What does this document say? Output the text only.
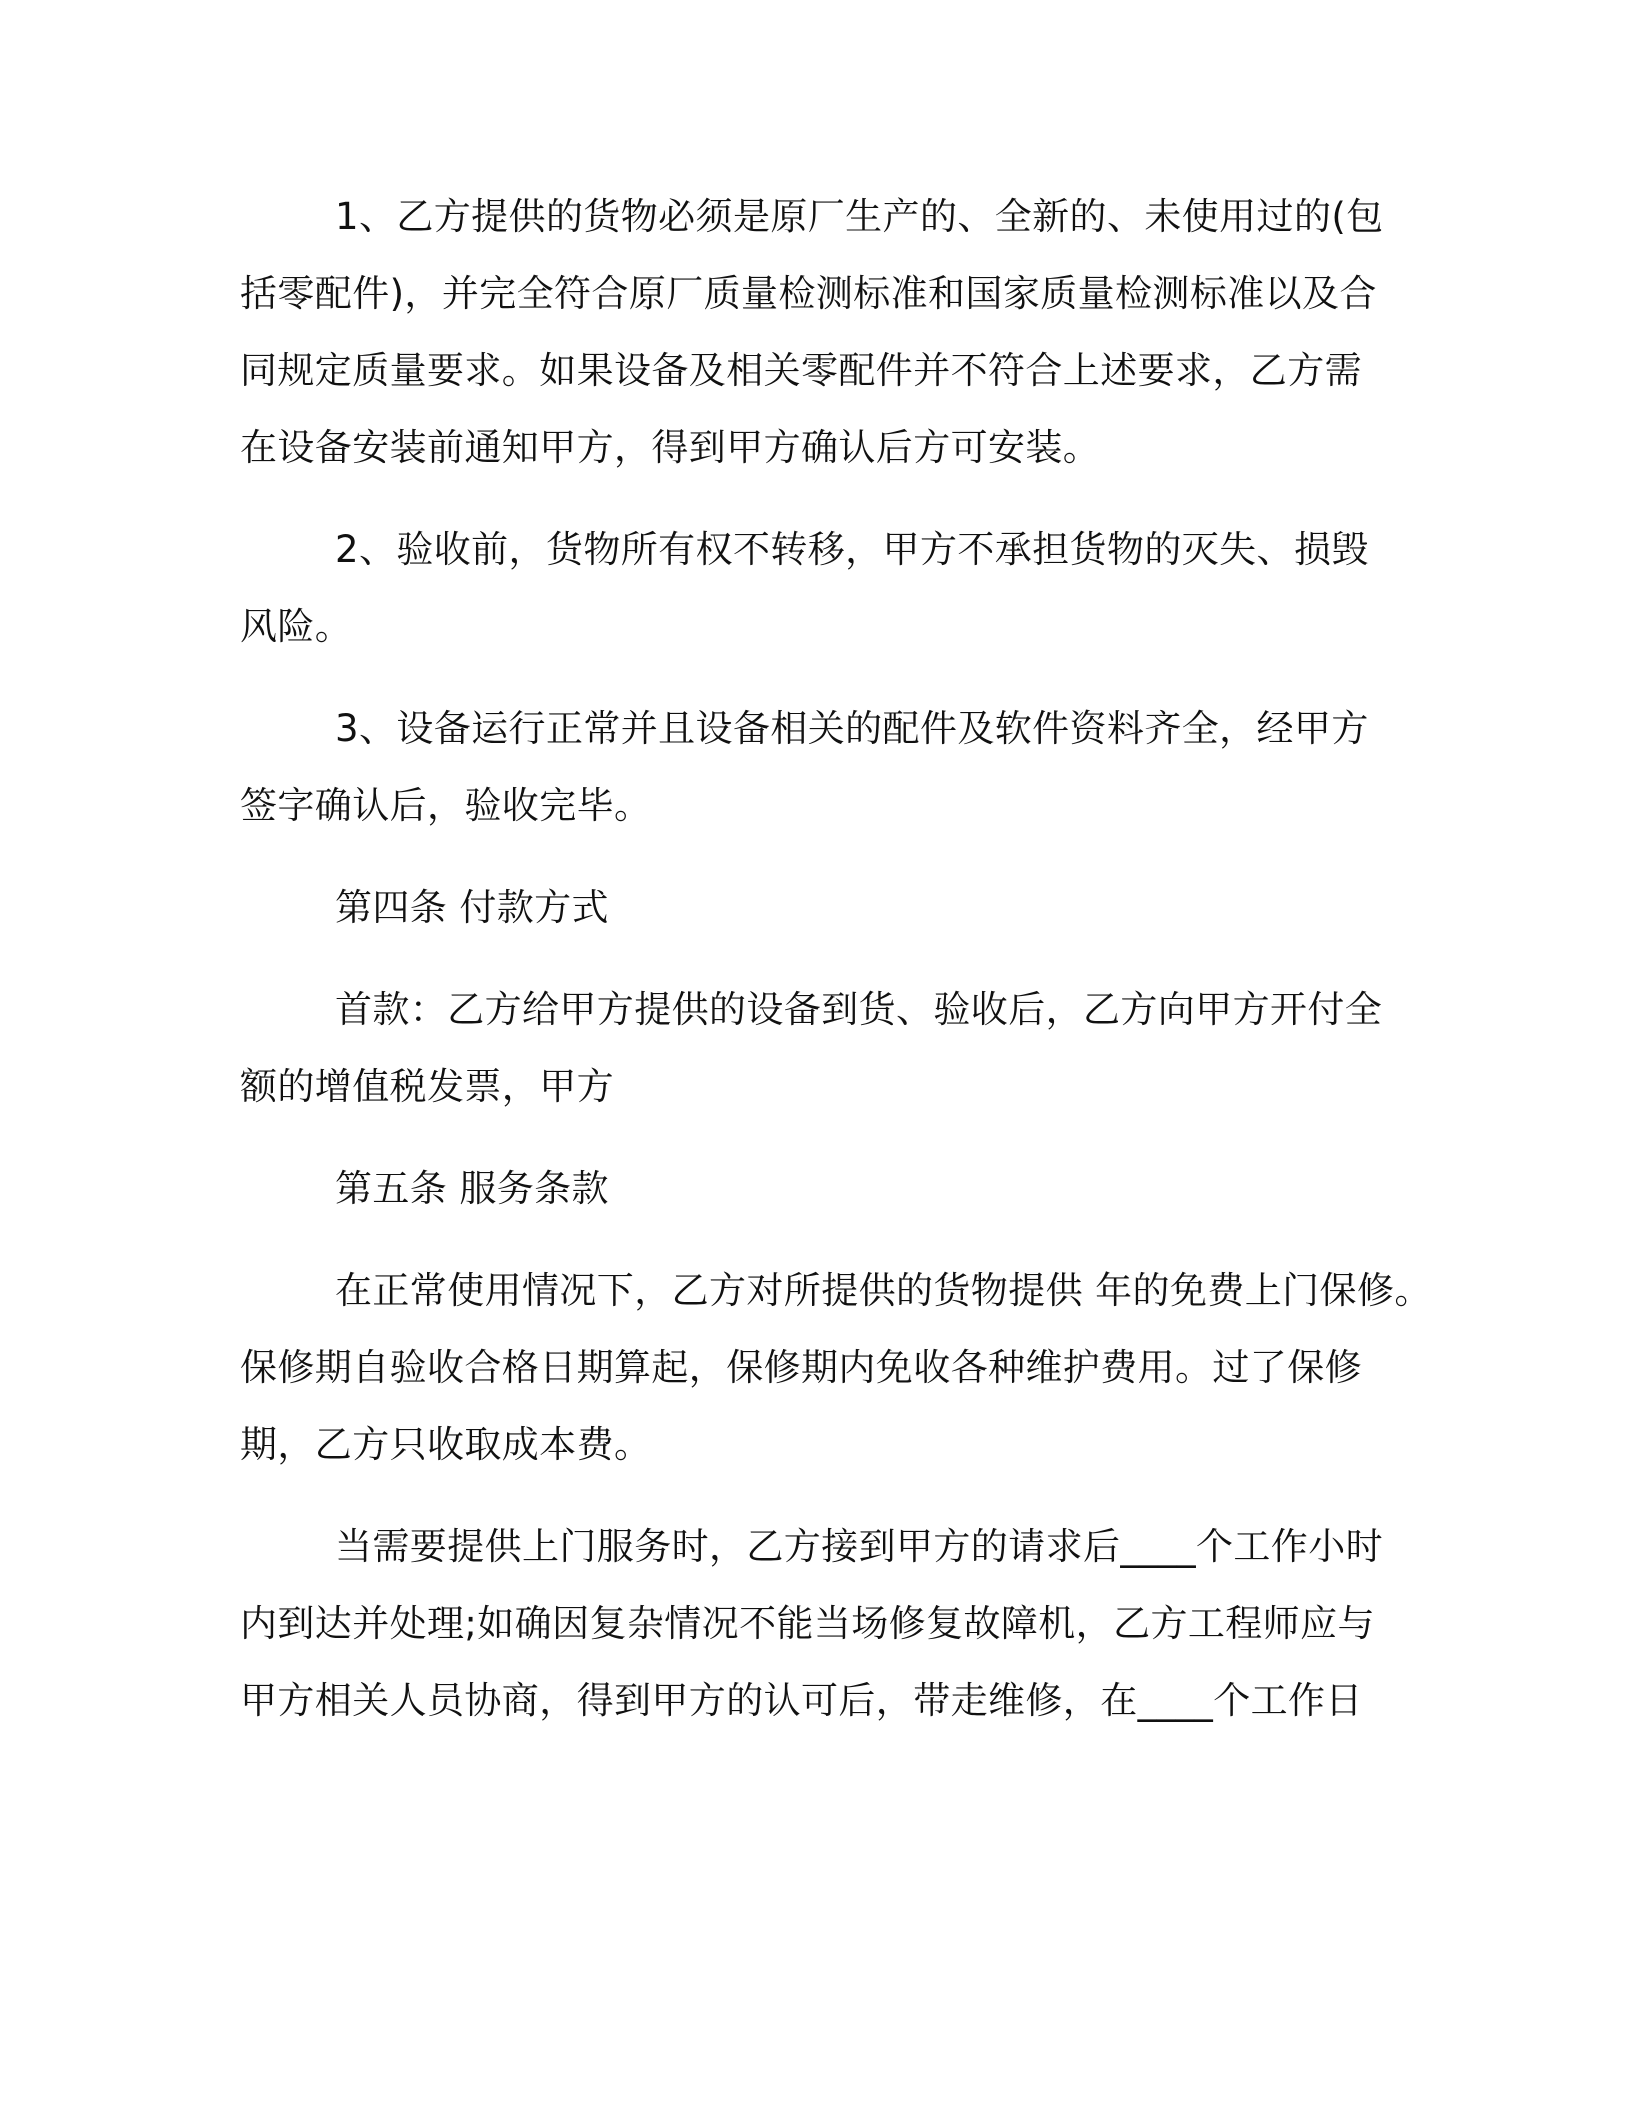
1、乙方提供的货物必须是原厂生产的、全新的、未使用过的(包
括零配件)，并完全符合原厂质量检测标准和国家质量检测标准以及合
同规定质量要求。如果设备及相关零配件并不符合上述要求，乙方需
在设备安装前通知甲方，得到甲方确认后方可安装。
2、验收前，货物所有权不转移，甲方不承担货物的灭失、损毁
风险。
3、设备运行正常并且设备相关的配件及软件资料齐全，经甲方
签字确认后，验收完毕。
第四条 付款方式
首款：乙方给甲方提供的设备到货、验收后，乙方向甲方开付全
额的增值税发票，甲方
第五条 服务条款
在正常使用情况下，乙方对所提供的货物提供 年的免费上门保修。
保修期自验收合格日期算起，保修期内免收各种维护费用。过了保修
期，乙方只收取成本费。
当需要提供上门服务时，乙方接到甲方的请求后____个工作小时
内到达并处理;如确因复杂情况不能当场修复故障机，乙方工程师应与
甲方相关人员协商，得到甲方的认可后，带走维修，在____个工作日
